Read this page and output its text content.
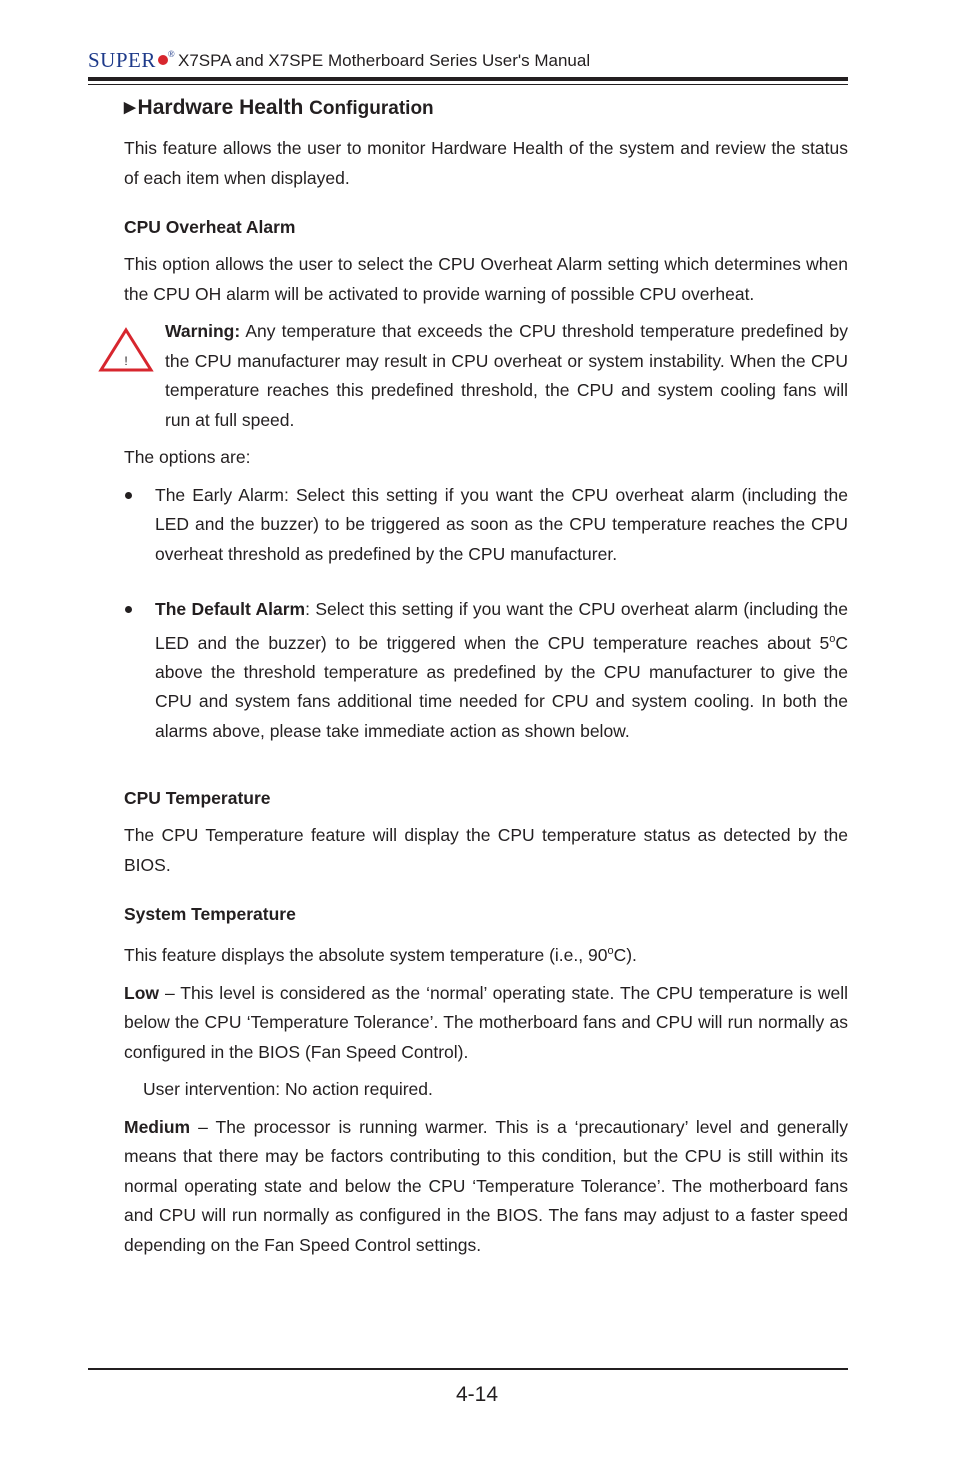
SUPER ® X7SPA and X7SPE Motherboard Series User's Manual
▶Hardware Health Configuration

This feature allows the user to monitor Hardware Health of the system and review the status of each item when displayed.

CPU Overheat Alarm

This option allows the user to select the CPU Overheat Alarm setting which determines when the CPU OH alarm will be activated to provide warning of possible CPU overheat.

!

Warning: Any temperature that exceeds the CPU threshold temperature predefined by the CPU manufacturer may result in CPU overheat or system instability. When the CPU temperature reaches this predefined threshold, the CPU and system cooling fans will run at full speed.

The options are:

The Early Alarm: Select this setting if you want the CPU overheat alarm (including the LED and the buzzer) to be triggered as soon as the CPU temperature reaches the CPU overheat threshold as predefined by the CPU manufacturer.

The Default Alarm: Select this setting if you want the CPU overheat alarm (including the LED and the buzzer) to be triggered when the CPU temperature reaches about 5$^o$C above the threshold temperature as predefined by the CPU manufacturer to give the CPU and system fans additional time needed for CPU and system cooling. In both the alarms above, please take immediate action as shown below.

CPU Temperature

The CPU Temperature feature will display the CPU temperature status as detected by the BIOS.

System Temperature

This feature displays the absolute system temperature (i.e., 90$^o$C).

Low – This level is considered as the ‘normal’ operating state. The CPU temperature is well below the CPU ‘Temperature Tolerance’. The motherboard fans and CPU will run normally as configured in the BIOS (Fan Speed Control).

User intervention: No action required.

Medium – The processor is running warmer. This is a ‘precautionary’ level and generally means that there may be factors contributing to this condition, but the CPU is still within its normal operating state and below the CPU ‘Temperature Tolerance’. The motherboard fans and CPU will run normally as configured in the BIOS. The fans may adjust to a faster speed depending on the Fan Speed Control settings.

4-14
